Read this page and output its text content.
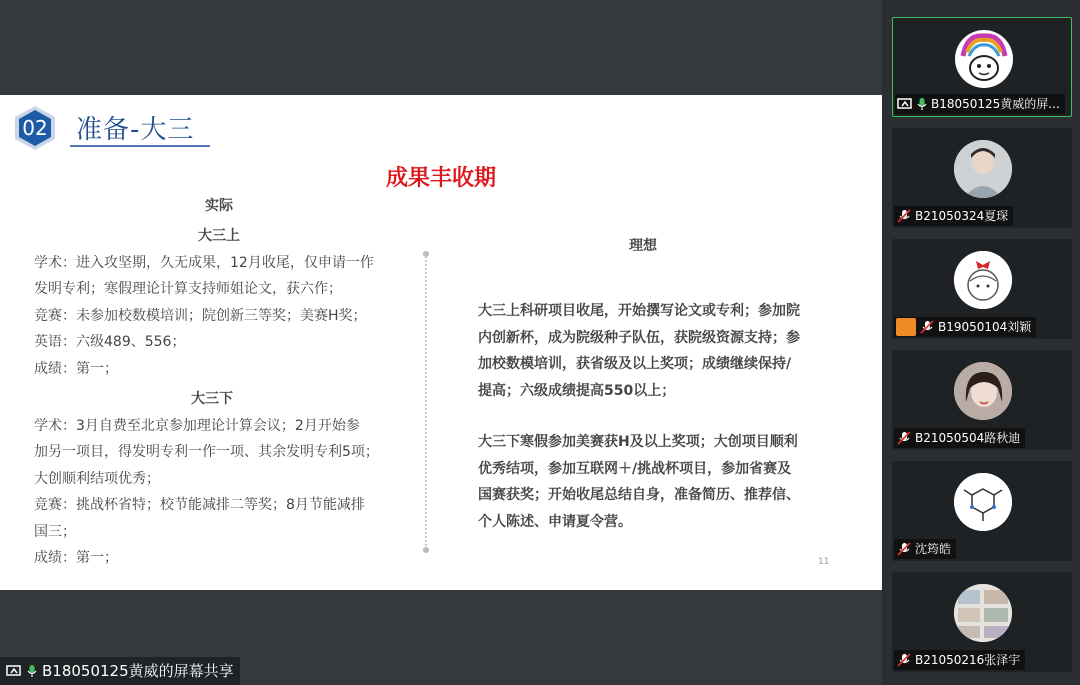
02	准备-大三
成果丰收期
实际
大三上
学术：进入攻坚期，久无成果，12月收尾，仅申请一作
发明专利；寒假理论计算支持师姐论文，获六作；
竞赛：未参加校数模培训；院创新三等奖；美赛H奖；
英语：六级489、556；
成绩：第一；
大三下
学术：3月自费至北京参加理论计算会议；2月开始参
加另一项目，得发明专利一作一项、其余发明专利5项；
大创顺利结项优秀；
竞赛：挑战杯省特；校节能减排二等奖；8月节能减排
国三；
成绩：第一；
理想
大三上科研项目收尾，开始撰写论文或专利；参加院
内创新杯，成为院级种子队伍，获院级资源支持；参
加校数模培训，获省级及以上奖项；成绩继续保持/
提高；六级成绩提高550以上；
大三下寒假参加美赛获H及以上奖项；大创项目顺利
优秀结项，参加互联网＋/挑战杯项目，参加省赛及
国赛获奖；开始收尾总结自身，准备简历、推荐信、
个人陈述、申请夏令营。
11
B18050125黄威的屏幕共享
B18050125黄威的屏...
B21050324夏琛
B19050104刘颖
B21050504路秋迪
沈筠皓
B210502​16张泽宇
